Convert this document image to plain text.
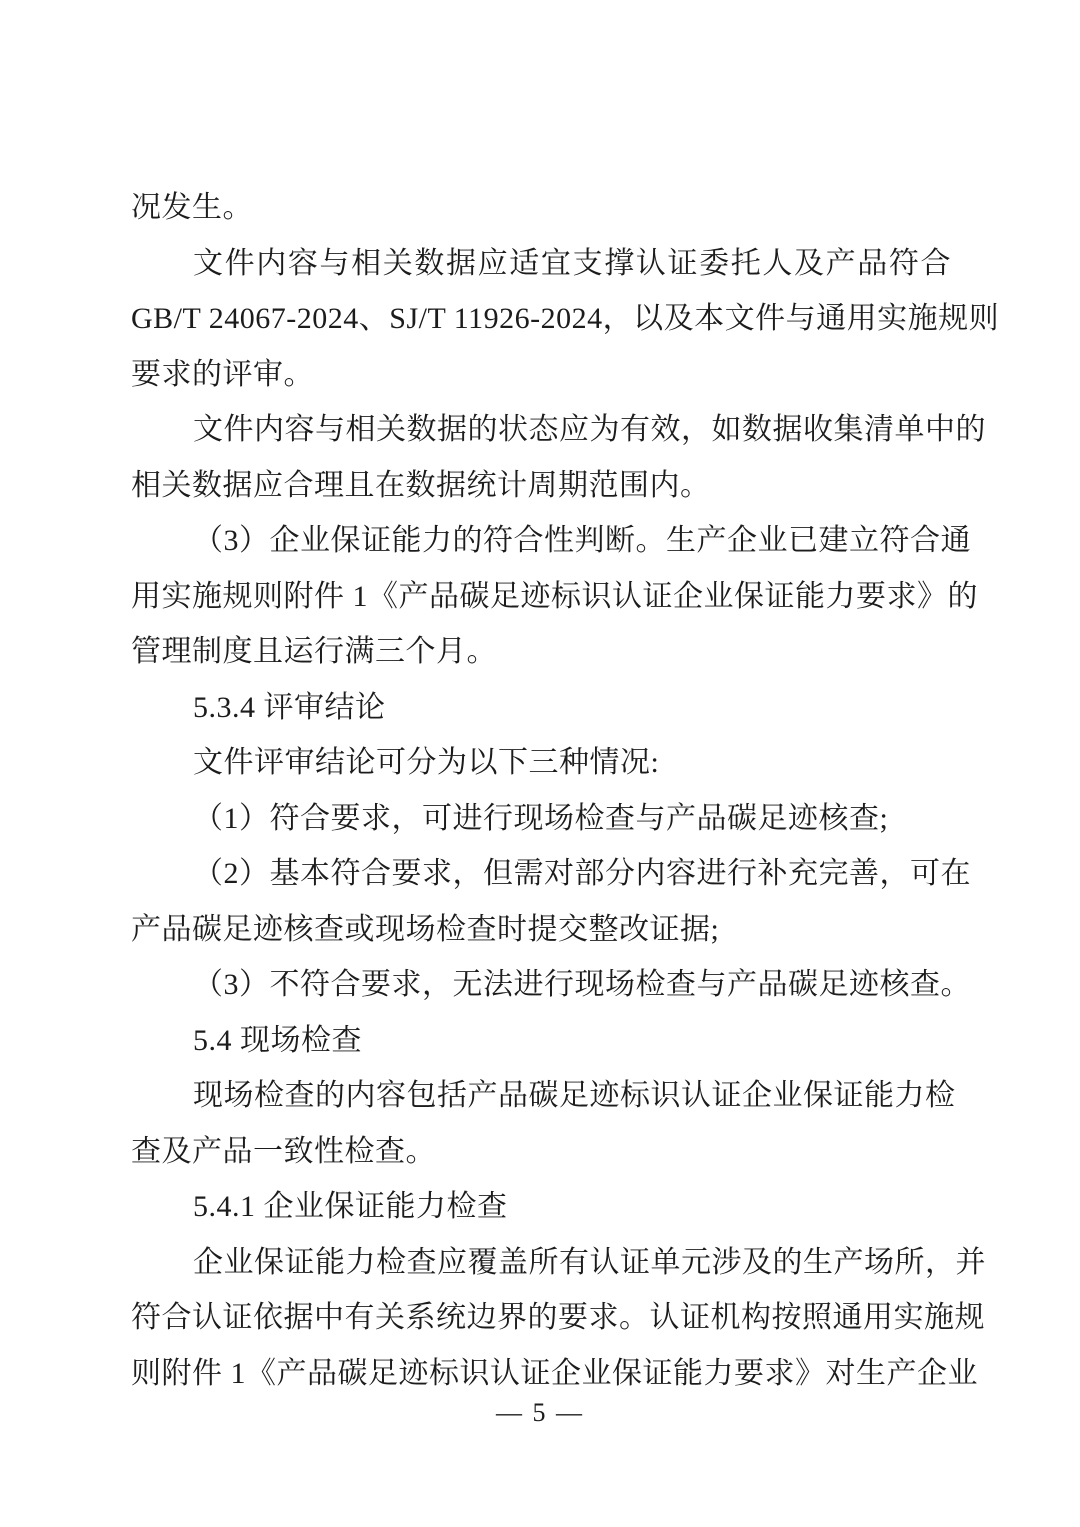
况发生。
文件内容与相关数据应适宜支撑认证委托人及产品符合
GB/T 24067-2024、SJ/T 11926-2024，以及本文件与通用实施规则
要求的评审。
文件内容与相关数据的状态应为有效，如数据收集清单中的
相关数据应合理且在数据统计周期范围内。
（3）企业保证能力的符合性判断。生产企业已建立符合通
用实施规则附件 1《产品碳足迹标识认证企业保证能力要求》的
管理制度且运行满三个月。
5.3.4 评审结论
文件评审结论可分为以下三种情况:
（1）符合要求，可进行现场检查与产品碳足迹核查;
（2）基本符合要求，但需对部分内容进行补充完善，可在
产品碳足迹核查或现场检查时提交整改证据;
（3）不符合要求，无法进行现场检查与产品碳足迹核查。
5.4 现场检查
现场检查的内容包括产品碳足迹标识认证企业保证能力检
查及产品一致性检查。
5.4.1 企业保证能力检查
企业保证能力检查应覆盖所有认证单元涉及的生产场所，并
符合认证依据中有关系统边界的要求。认证机构按照通用实施规
则附件 1《产品碳足迹标识认证企业保证能力要求》对生产企业
— 5 —
